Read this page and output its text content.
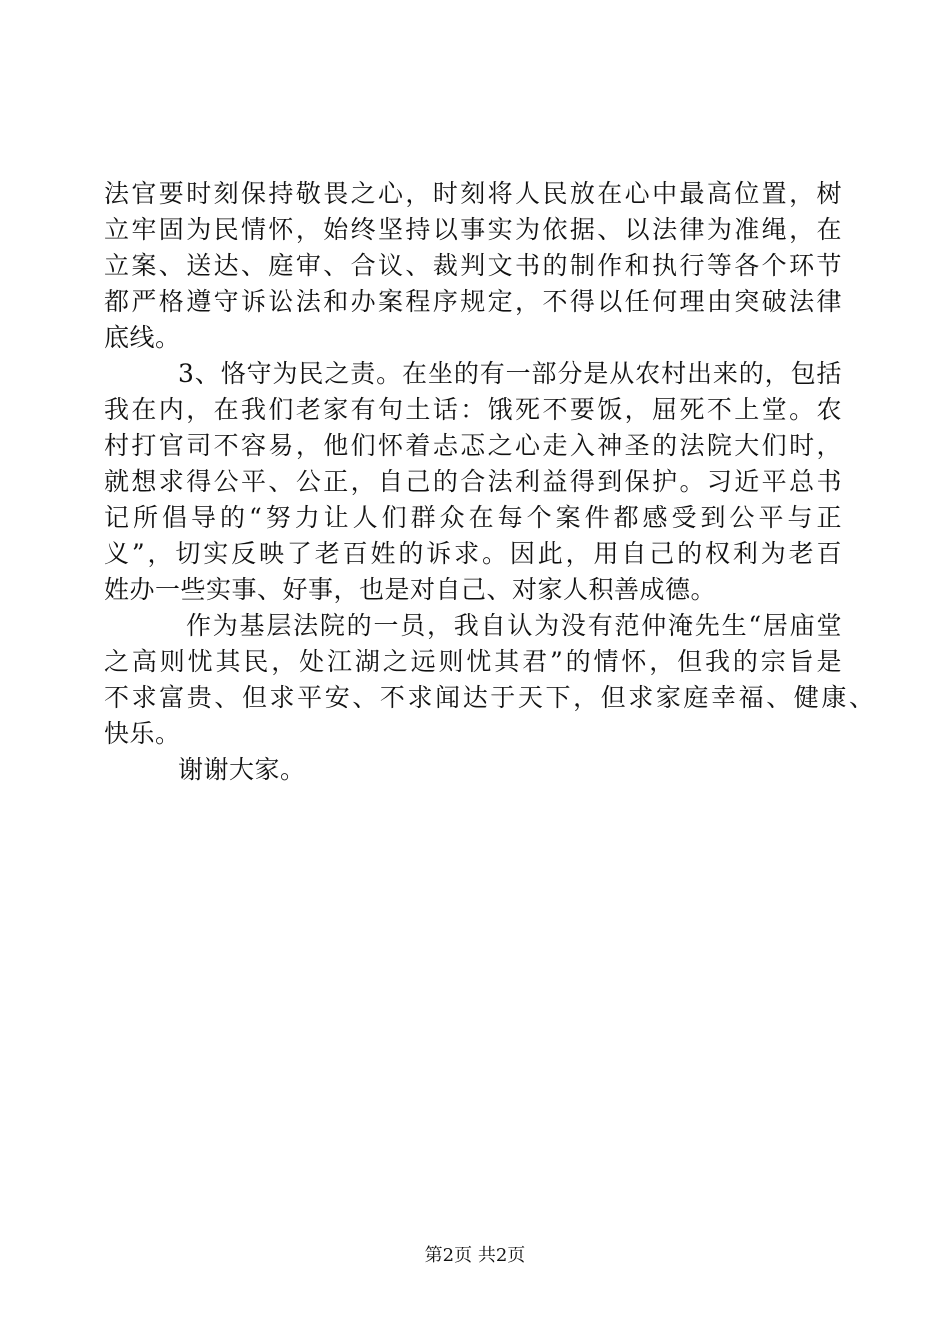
法官要时刻保持敬畏之心，时刻将人民放在心中最高位置，树
立牢固为民情怀，始终坚持以事实为依据、以法律为准绳，在
立案、送达、庭审、合议、裁判文书的制作和执行等各个环节
都严格遵守诉讼法和办案程序规定，不得以任何理由突破法律
底线。
3、恪守为民之责。在坐的有一部分是从农村出来的，包括
我在内，在我们老家有句土话：饿死不要饭，屈死不上堂。农
村打官司不容易，他们怀着忐忑之心走入神圣的法院大们时，
就想求得公平、公正，自己的合法利益得到保护。习近平总书
记所倡导的“努力让人们群众在每个案件都感受到公平与正
义”，切实反映了老百姓的诉求。因此，用自己的权利为老百
姓办一些实事、好事，也是对自己、对家人积善成德。
作为基层法院的一员，我自认为没有范仲淹先生“居庙堂
之高则忧其民，处江湖之远则忧其君”的情怀，但我的宗旨是
不求富贵、但求平安、不求闻达于天下，但求家庭幸福、健康、
快乐。
谢谢大家。
第2页 共2页
